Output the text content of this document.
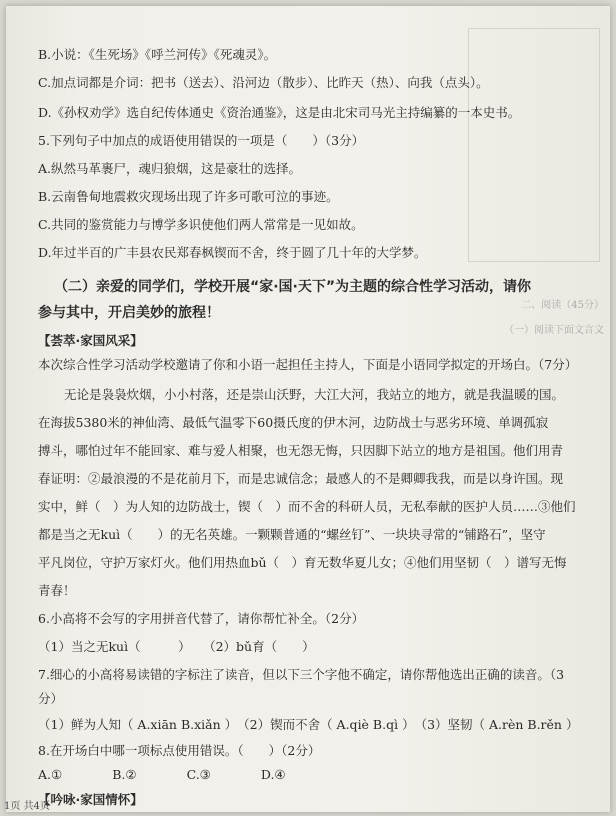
B.小说：《生死场》《呼兰河传》《死魂灵》。
C.加点词都是介词：把书（送去）、沿河边（散步）、比昨天（热）、向我（点头）。
D.《孙权劝学》选自纪传体通史《资治通鉴》，这是由北宋司马光主持编纂的一本史书。
5.下列句子中加点的成语使用错误的一项是（　　）（3分）
A.纵然马革裹尸，魂归狼烟，这是豪壮的选择。
B.云南鲁甸地震救灾现场出现了许多可歌可泣的事迹。
C.共同的鉴赏能力与博学多识使他们两人常常是一见如故。
D.年过半百的广丰县农民郑春枫锲而不舍，终于圆了几十年的大学梦。
（二）亲爱的同学们，学校开展“家·国·天下”为主题的综合性学习活动，请你
参与其中，开启美妙的旅程！
【荟萃·家国风采】
本次综合性学习活动学校邀请了你和小语一起担任主持人，下面是小语同学拟定的开场白。（7分）
无论是袅袅炊烟，小小村落，还是崇山沃野，大江大河，我站立的地方，就是我温暖的国。
在海拔5380米的神仙湾、最低气温零下60摄氏度的伊木河，边防战士与恶劣环境、单调孤寂
搏斗，哪怕过年不能回家、难与爱人相聚，也无怨无悔，只因脚下站立的地方是祖国。他们用青
春证明：②最浪漫的不是花前月下，而是忠诚信念；最感人的不是卿卿我我，而是以身许国。现
实中，鲜（　）为人知的边防战士，锲（　）而不舍的科研人员，无私奉献的医护人员……③他们
都是当之无kuì（　　）的无名英雄。一颗颗普通的“螺丝钉”、一块块寻常的“铺路石”，坚守
平凡岗位，守护万家灯火。他们用热血bǔ（　）育无数华夏儿女；④他们用坚韧（　）谱写无悔
青春！
6.小高将不会写的字用拼音代替了，请你帮忙补全。（2分）
（1）当之无kuì（　　　）　　（2）bǔ育（　　）
7.细心的小高将易读错的字标注了读音，但以下三个字他不确定，请你帮他选出正确的读音。（3
分）
（1）鲜为人知（ A.xiān B.xiǎn ）　（2）锲而不舍（ A.qiè B.qì ）　（3）坚韧（ A.rèn B.rěn ）
8.在开场白中哪一项标点使用错误。（　　）（2分）
A.①　　　　B.②　　　　C.③　　　　D.④
【吟咏·家国情怀】
二、阅读（45分）
（一）阅读下面文言文
1页 共4页
